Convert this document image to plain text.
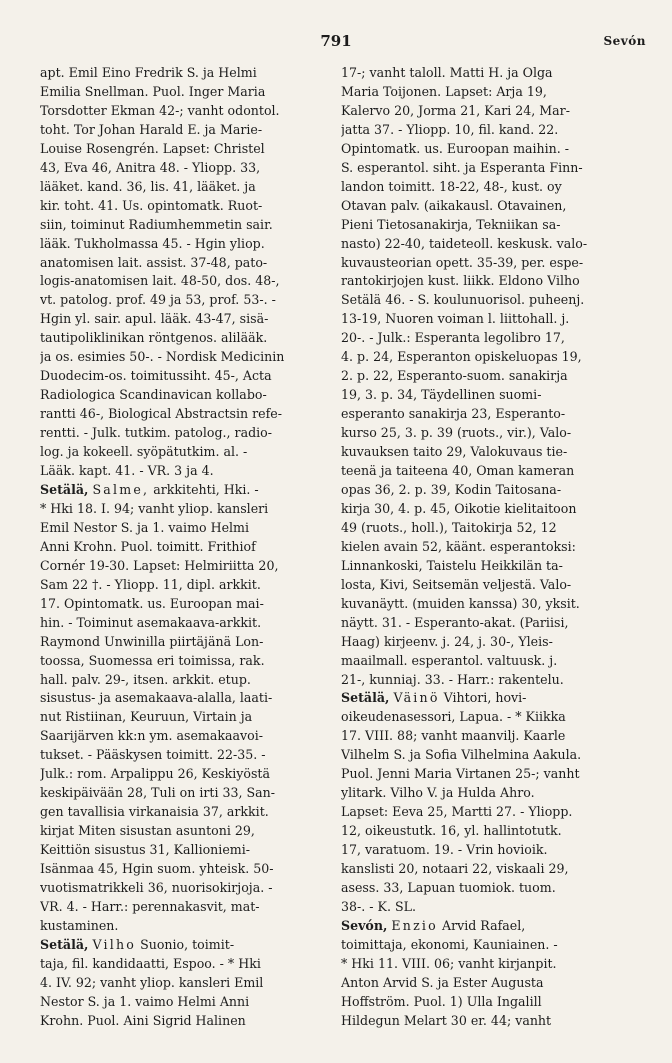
791	Sevón
apt. Emil Eino Fredrik S. ja Helmi
Emilia Snellman. Puol. Inger Maria
Torsdotter Ekman 42-; vanht odontol.
toht. Tor Johan Harald E. ja Marie-
Louise Rosengrén. Lapset: Christel
43, Eva 46, Anitra 48. - Yliopp. 33,
lääket. kand. 36, lis. 41, lääket. ja
kir. toht. 41. Us. opintomatk. Ruot-
siin, toiminut Radiumhemmetin sair.
lääk. Tukholmassa 45. - Hgin yliop.
anatomisen lait. assist. 37-48, pato-
logis-anatomisen lait. 48-50, dos. 48-,
vt. patolog. prof. 49 ja 53, prof. 53-. -
Hgin yl. sair. apul. lääk. 43-47, sisä-
tautipoliklinikan röntgenos. alilääk.
ja os. esimies 50-. - Nordisk Medicinin
Duodecim-os. toimitussiht. 45-, Acta
Radiologica Scandinavican kollabo-
rantti 46-, Biological Abstractsin refe-
rentti. - Julk. tutkim. patolog., radio-
log. ja kokeell. syöpätutkim. al. -
Lääk. kapt. 41. - VR. 3 ja 4.
Setälä, Salme, arkkitehti, Hki. -
* Hki 18. I. 94; vanht yliop. kansleri
Emil Nestor S. ja 1. vaimo Helmi
Anni Krohn. Puol. toimitt. Frithiof
Cornér 19-30. Lapset: Helmiriitta 20,
Sam 22 †. - Yliopp. 11, dipl. arkkit.
17. Opintomatk. us. Euroopan mai-
hin. - Toiminut asemakaava-arkkit.
Raymond Unwinilla piirtäjänä Lon-
toossa, Suomessa eri toimissa, rak.
hall. palv. 29-, itsen. arkkit. etup.
sisustus- ja asemakaava-alalla, laati-
nut Ristiinan, Keuruun, Virtain ja
Saarijärven kk:n ym. asemakaavoi-
tukset. - Pääskysen toimitt. 22-35. -
Julk.: rom. Arpalippu 26, Keskiyöstä
keskipäivään 28, Tuli on irti 33, San-
gen tavallisia virkanaisia 37, arkkit.
kirjat Miten sisustan asuntoni 29,
Keittiön sisustus 31, Kallioniemi-
Isänmaa 45, Hgin suom. yhteisk. 50-
vuotismatrikkeli 36, nuorisokirjoja. -
VR. 4. - Harr.: perennakasvit, mat-
kustaminen.
Setälä, Vilho Suonio, toimit-
taja, fil. kandidaatti, Espoo. - * Hki
4. IV. 92; vanht yliop. kansleri Emil
Nestor S. ja 1. vaimo Helmi Anni
Krohn. Puol. Aini Sigrid Halinen
17-; vanht taloll. Matti H. ja Olga
Maria Toijonen. Lapset: Arja 19,
Kalervo 20, Jorma 21, Kari 24, Mar-
jatta 37. - Yliopp. 10, fil. kand. 22.
Opintomatk. us. Euroopan maihin. -
S. esperantol. siht. ja Esperanta Finn-
landon toimitt. 18-22, 48-, kust. oy
Otavan palv. (aikakausl. Otavainen,
Pieni Tietosanakirja, Tekniikan sa-
nasto) 22-40, taideteoll. keskusk. valo-
kuvausteorian opett. 35-39, per. espe-
rantokirjojen kust. liikk. Eldono Vilho
Setälä 46. - S. koulunuorisol. puheenj.
13-19, Nuoren voiman l. liittohall. j.
20-. - Julk.: Esperanta legolibro 17,
4. p. 24, Esperanton opiskeluopas 19,
2. p. 22, Esperanto-suom. sanakirja
19, 3. p. 34, Täydellinen suomi-
esperanto sanakirja 23, Esperanto-
kurso 25, 3. p. 39 (ruots., vir.), Valo-
kuvauksen taito 29, Valokuvaus tie-
teenä ja taiteena 40, Oman kameran
opas 36, 2. p. 39, Kodin Taitosana-
kirja 30, 4. p. 45, Oikotie kielitaitoon
49 (ruots., holl.), Taitokirja 52, 12
kielen avain 52, käänt. esperantoksi:
Linnankoski, Taistelu Heikkilän ta-
losta, Kivi, Seitsemän veljestä. Valo-
kuvanäytt. (muiden kanssa) 30, yksit.
näytt. 31. - Esperanto-akat. (Pariisi,
Haag) kirjeenv. j. 24, j. 30-, Yleis-
maailmall. esperantol. valtuusk. j.
21-, kunniaj. 33. - Harr.: rakentelu.
Setälä, Väinö Vihtori, hovi-
oikeudenasessori, Lapua. - * Kiikka
17. VIII. 88; vanht maanvilj. Kaarle
Vilhelm S. ja Sofia Vilhelmina Aakula.
Puol. Jenni Maria Virtanen 25-; vanht
ylitark. Vilho V. ja Hulda Ahro.
Lapset: Eeva 25, Martti 27. - Yliopp.
12, oikeustutk. 16, yl. hallintotutk.
17, varatuom. 19. - Vrin hovioik.
kanslisti 20, notaari 22, viskaali 29,
asess. 33, Lapuan tuomiok. tuom.
38-. - K. SL.
Sevón, Enzio Arvid Rafael,
toimittaja, ekonomi, Kauniainen. -
* Hki 11. VIII. 06; vanht kirjanpit.
Anton Arvid S. ja Ester Augusta
Hoffström. Puol. 1) Ulla Ingalill
Hildegun Melart 30 er. 44; vanht
